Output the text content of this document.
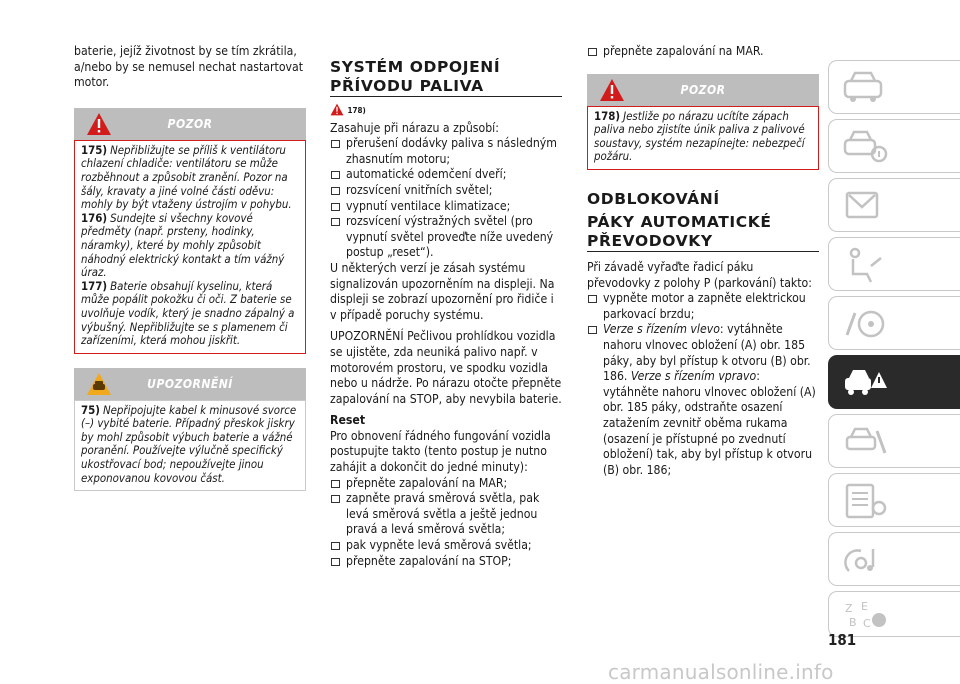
baterie, jejíž životnost by se tím zkrátila, a/nebo by se nemusel nechat nastartovat motor.

POZOR

175) Nepřibližujte se příliš k ventilátoru chlazení chladiče: ventilátoru se může rozběhnout a způsobit zranění. Pozor na šály, kravaty a jiné volné části oděvu: mohly by být vtaženy ústrojím v pohybu.

176) Sundejte si všechny kovové předměty (např. prsteny, hodinky, náramky), které by mohly způsobit náhodný elektrický kontakt a tím vážný úraz.

177) Baterie obsahují kyselinu, která může popálit pokožku či oči. Z baterie se uvolňuje vodík, který je snadno zápalný a výbušný. Nepřibližujte se s plamenem či zařízeními, která mohou jiskřit.

UPOZORNĚNÍ

75) Nepřipojujte kabel k minusové svorce (–) vybité baterie. Případný přeskok jiskry by mohl způsobit výbuch baterie a vážné poranění. Používejte výlučně specifický ukostřovací bod; nepoužívejte jinou exponovanou kovovou část.

SYSTÉM ODPOJENÍ

PŘÍVODU PALIVA

$^{178)}$

Zasahuje při nárazu a způsobí:

přerušení dodávky paliva s následným zhasnutím motoru;
automatické odemčení dveří;
rozsvícení vnitřních světel;
vypnutí ventilace klimatizace;
rozsvícení výstražných světel (pro vypnutí světel proveďte níže uvedený postup „reset“).

U některých verzí je zásah systému signalizován upozorněním na displeji. Na displeji se zobrazí upozornění pro řidiče i v případě poruchy systému.

UPOZORNĚNÍ Pečlivou prohlídkou vozidla se ujistěte, zda neuniká palivo např. v motorovém prostoru, ve spodku vozidla nebo u nádrže. Po nárazu otočte přepněte zapalování na STOP, aby nevybila baterie.

Reset

Pro obnovení řádného fungování vozidla postupujte takto (tento postup je nutno zahájit a dokončit do jedné minuty):

přepněte zapalování na MAR;
zapněte pravá směrová světla, pak levá směrová světla a ještě jednou pravá a levá směrová světla;
pak vypněte levá směrová světla;
přepněte zapalování na STOP;
přepněte zapalování na MAR.
POZOR

178) Jestliže po nárazu ucítíte zápach paliva nebo zjistíte únik paliva z palivové soustavy, systém nezapínejte: nebezpečí požáru.

ODBLOKOVÁNÍ

PÁKY AUTOMATICKÉ

PŘEVODOVKY

Při závadě vyřaďte řadicí páku převodovky z polohy P (parkování) takto:

vypněte motor a zapněte elektrickou parkovací brzdu;
Verze s řízením vlevo: vytáhněte nahoru vlnovec obložení (A) obr. 185 páky, aby byl přístup k otvoru (B) obr. 186. Verze s řízením vpravo: vytáhněte nahoru vlnovec obložení (A) obr. 185 páky, odstraňte osazení zatažením zevnitř oběma rukama (osazení je přístupné po zvednutí obložení) tak, aby byl přístup k otvoru (B) obr. 186;
Z E
B C
181
carmanualsonline.info
